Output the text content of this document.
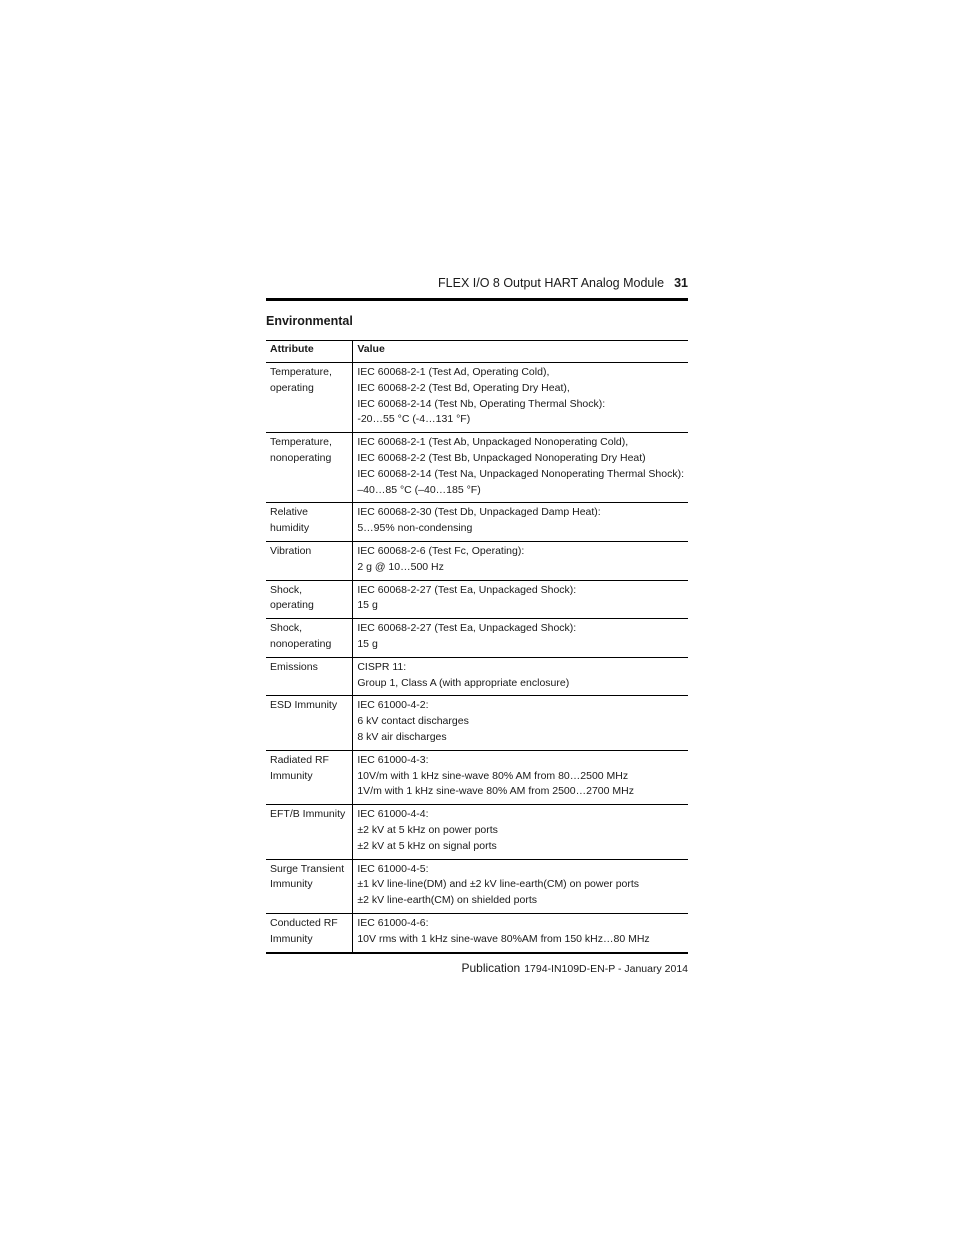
FLEX I/O 8 Output HART Analog Module 31
Environmental
Attribute	Value
Temperature, operating	IEC 60068-2-1 (Test Ad, Operating Cold),
IEC 60068-2-2 (Test Bd, Operating Dry Heat),
IEC 60068-2-14 (Test Nb, Operating Thermal Shock):
-20…55 °C (-4…131 °F)

Temperature, nonoperating	IEC 60068-2-1 (Test Ab, Unpackaged Nonoperating Cold),
IEC 60068-2-2 (Test Bb, Unpackaged Nonoperating Dry Heat)
IEC 60068-2-14 (Test Na, Unpackaged Nonoperating Thermal Shock):
–40…85 °C (–40…185 °F)

Relative humidity	IEC 60068-2-30 (Test Db, Unpackaged Damp Heat):
5…95% non-condensing

Vibration	IEC 60068-2-6 (Test Fc, Operating):
2 g @ 10…500 Hz

Shock, operating	IEC 60068-2-27 (Test Ea, Unpackaged Shock):
15 g

Shock, nonoperating	IEC 60068-2-27 (Test Ea, Unpackaged Shock):
15 g

Emissions	CISPR 11:
Group 1, Class A (with appropriate enclosure)

ESD Immunity	IEC 61000-4-2:
6 kV contact discharges
8 kV air discharges

Radiated RF Immunity	IEC 61000-4-3:
10V/m with 1 kHz sine-wave 80% AM from 80…2500 MHz
1V/m with 1 kHz sine-wave 80% AM from 2500…2700 MHz

EFT/B Immunity	IEC 61000-4-4:
±2 kV at 5 kHz on power ports
±2 kV at 5 kHz on signal ports

Surge Transient Immunity	IEC 61000-4-5:
±1 kV line-line(DM) and ±2 kV line-earth(CM) on power ports
±2 kV line-earth(CM) on shielded ports

Conducted RF Immunity	IEC 61000-4-6:
10V rms with 1 kHz sine-wave 80%AM from 150 kHz…80 MHz
Publication 1794-IN109D-EN-P - January 2014
